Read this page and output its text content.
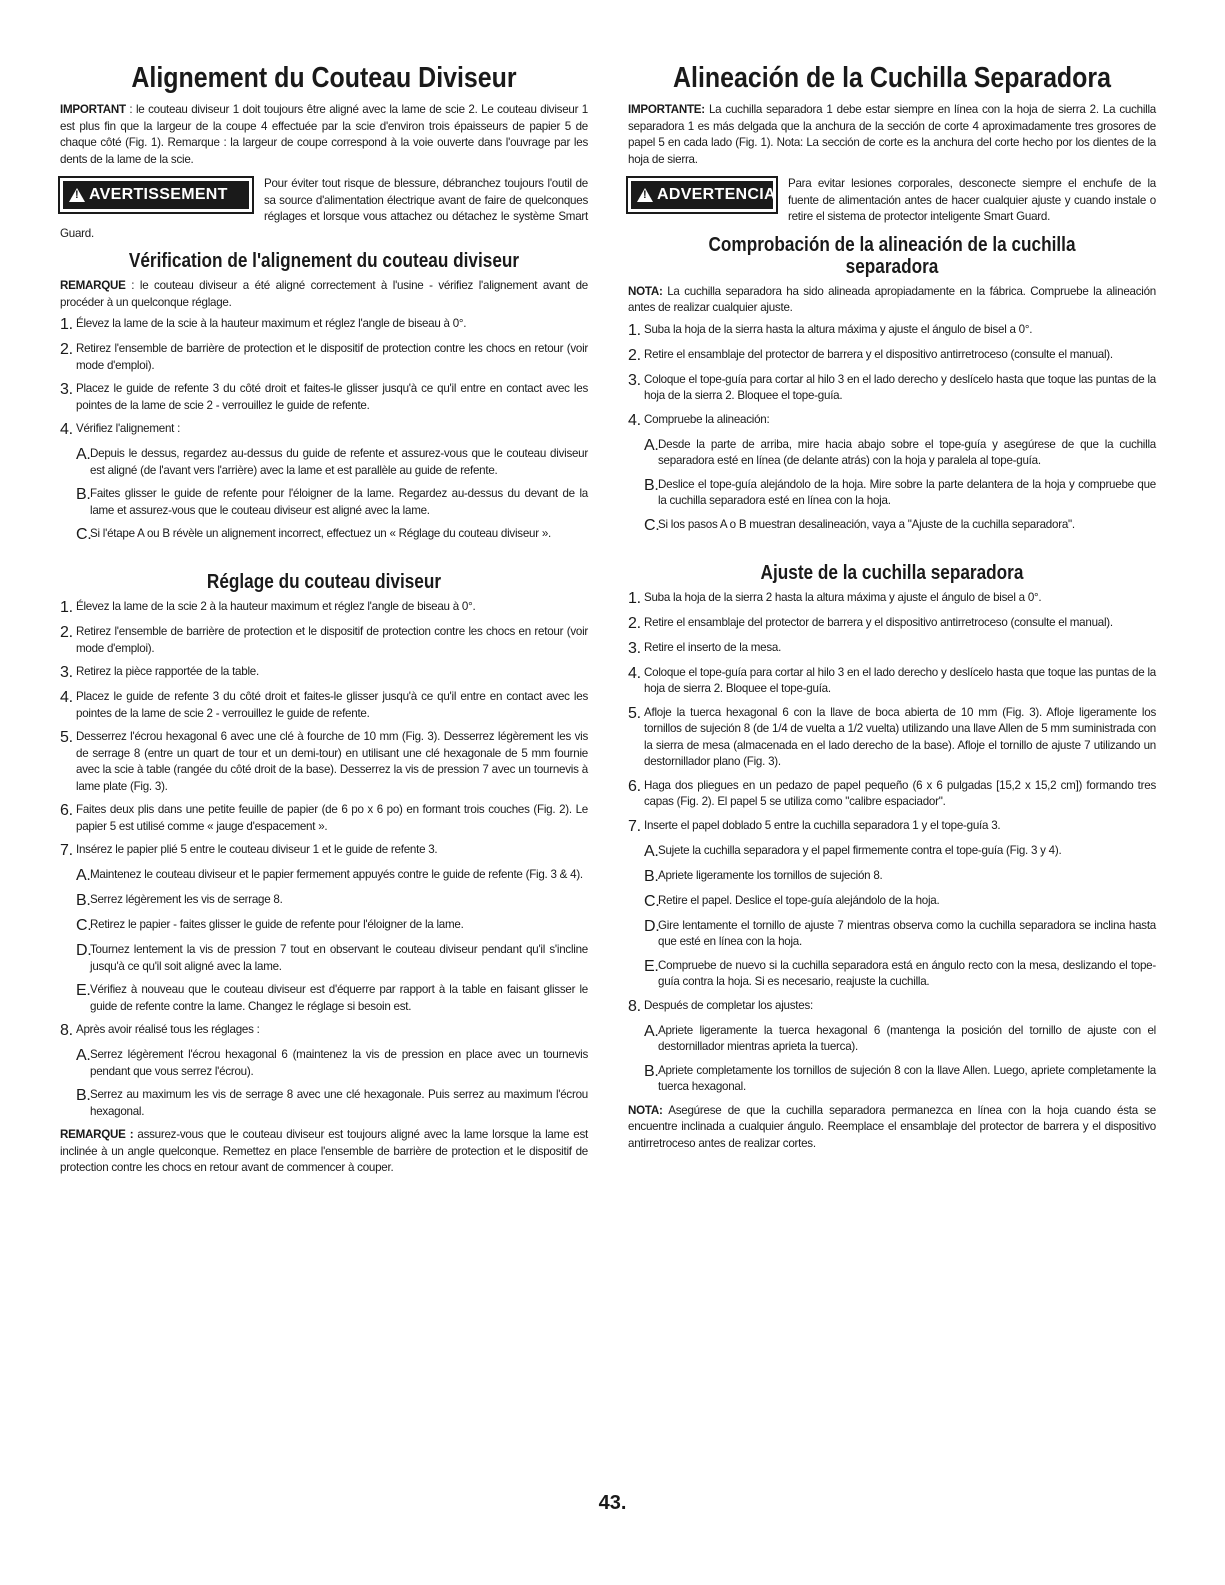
Alignement du Couteau Diviseur

IMPORTANT : le couteau diviseur 1 doit toujours être aligné avec la lame de scie 2. Le couteau diviseur 1 est plus fin que la largeur de la coupe 4 effectuée par la scie d'environ trois épaisseurs de papier 5 de chaque côté (Fig. 1). Remarque : la largeur de coupe correspond à la voie ouverte dans l'ouvrage par les dents de la lame de la scie.

!
AVERTISSEMENT
Pour éviter tout risque de blessure, débranchez toujours l'outil de sa source d'alimentation électrique avant de faire de quelconques réglages et lorsque vous attachez ou détachez le système Smart Guard.
Vérification de l'alignement du couteau diviseur

REMARQUE : le couteau diviseur a été aligné correctement à l'usine - vérifiez l'alignement avant de procéder à un quelconque réglage.

1. Élevez la lame de la scie à la hauteur maximum et réglez l'angle de biseau à 0°.
2. Retirez l'ensemble de barrière de protection et le dispositif de protection contre les chocs en retour (voir mode d'emploi).
3. Placez le guide de refente 3 du côté droit et faites-le glisser jusqu'à ce qu'il entre en contact avec les pointes de la lame de scie 2 - verrouillez le guide de refente.
4. Vérifiez l'alignement :
A. Depuis le dessus, regardez au-dessus du guide de refente et assurez-vous que le couteau diviseur est aligné (de l'avant vers l'arrière) avec la lame et est parallèle au guide de refente.
B. Faites glisser le guide de refente pour l'éloigner de la lame. Regardez au-dessus du devant de la lame et assurez-vous que le couteau diviseur est aligné avec la lame.
C.
Si l'étape A ou B révèle un alignement incorrect, effectuez un « Réglage du couteau diviseur ».
Réglage du couteau diviseur
1. Élevez la lame de la scie 2 à la hauteur maximum et réglez l'angle de biseau à 0°.
2. Retirez l'ensemble de barrière de protection et le dispositif de protection contre les chocs en retour (voir mode d'emploi).
3. Retirez la pièce rapportée de la table.
4. Placez le guide de refente 3 du côté droit et faites-le glisser jusqu'à ce qu'il entre en contact avec les pointes de la lame de scie 2 - verrouillez le guide de refente.
5. Desserrez l'écrou hexagonal 6 avec une clé à fourche de 10 mm (Fig. 3). Desserrez légèrement les vis de serrage 8 (entre un quart de tour et un demi-tour) en utilisant une clé hexagonale de 5 mm fournie avec la scie à table (rangée du côté droit de la base). Desserrez la vis de pression 7 avec un tournevis à lame plate (Fig. 3).
6. Faites deux plis dans une petite feuille de papier (de 6 po x 6 po) en formant trois couches (Fig. 2). Le papier 5 est utilisé comme « jauge d'espacement ».
7. Insérez le papier plié 5 entre le couteau diviseur 1 et le guide de refente 3.
A. Maintenez le couteau diviseur et le papier fermement appuyés contre le guide de refente (Fig. 3 & 4).
B. Serrez légèrement les vis de serrage 8.
C.
Retirez le papier - faites glisser le guide de refente pour l'éloigner de la lame.
D.
Tournez lentement la vis de pression 7 tout en observant le couteau diviseur pendant qu'il s'incline jusqu'à ce qu'il soit aligné avec la lame.
E. Vérifiez à nouveau que le couteau diviseur est d'équerre par rapport à la table en faisant glisser le guide de refente contre la lame. Changez le réglage si besoin est.
8. Après avoir réalisé tous les réglages :
A. Serrez légèrement l'écrou hexagonal 6 (maintenez la vis de pression en place avec un tournevis pendant que vous serrez l'écrou).
B. Serrez au maximum les vis de serrage 8 avec une clé hexagonale. Puis serrez au maximum l'écrou hexagonal.

REMARQUE : assurez-vous que le couteau diviseur est toujours aligné avec la lame lorsque la lame est inclinée à un angle quelconque. Remettez en place l'ensemble de barrière de protection et le dispositif de protection contre les chocs en retour avant de commencer à couper.

Alineación de la Cuchilla Separadora

IMPORTANTE: La cuchilla separadora 1 debe estar siempre en línea con la hoja de sierra 2. La cuchilla separadora 1 es más delgada que la anchura de la sección de corte 4 aproximadamente tres grosores de papel 5 en cada lado (Fig. 1). Nota: La sección de corte es la anchura del corte hecho por los dientes de la hoja de sierra.

!
ADVERTENCIA
Para evitar lesiones corporales, desconecte siempre el enchufe de la fuente de alimentación antes de hacer cualquier ajuste y cuando instale o retire el sistema de protector inteligente Smart Guard.
Comprobación de la alineación de la cuchilla separadora

NOTA: La cuchilla separadora ha sido alineada apropiadamente en la fábrica. Compruebe la alineación antes de realizar cualquier ajuste.

1. Suba la hoja de la sierra hasta la altura máxima y ajuste el ángulo de bisel a 0°.
2. Retire el ensamblaje del protector de barrera y el dispositivo antirretroceso (consulte el manual).
3. Coloque el tope-guía para cortar al hilo 3 en el lado derecho y deslícelo hasta que toque las puntas de la hoja de la sierra 2. Bloquee el tope-guía.
4. Compruebe la alineación:
A. Desde la parte de arriba, mire hacia abajo sobre el tope-guía y asegúrese de que la cuchilla separadora esté en línea (de delante atrás) con la hoja y paralela al tope-guía.
B. Deslice el tope-guía alejándolo de la hoja. Mire sobre la parte delantera de la hoja y compruebe que la cuchilla separadora esté en línea con la hoja.
C.
Si los pasos A o B muestran desalineación, vaya a "Ajuste de la cuchilla separadora".
Ajuste de la cuchilla separadora
1. Suba la hoja de la sierra 2 hasta la altura máxima y ajuste el ángulo de bisel a 0°.
2. Retire el ensamblaje del protector de barrera y el dispositivo antirretroceso (consulte el manual).
3. Retire el inserto de la mesa.
4. Coloque el tope-guía para cortar al hilo 3 en el lado derecho y deslícelo hasta que toque las puntas de la hoja de sierra 2. Bloquee el tope-guía.
5. Afloje la tuerca hexagonal 6 con la llave de boca abierta de 10 mm (Fig. 3). Afloje ligeramente los tornillos de sujeción 8 (de 1/4 de vuelta a 1/2 vuelta) utilizando una llave Allen de 5 mm suministrada con la sierra de mesa (almacenada en el lado derecho de la base). Afloje el tornillo de ajuste 7 utilizando un destornillador plano (Fig. 3).
6. Haga dos pliegues en un pedazo de papel pequeño (6 x 6 pulgadas [15,2 x 15,2 cm]) formando tres capas (Fig. 2). El papel 5 se utiliza como "calibre espaciador".
7. Inserte el papel doblado 5 entre la cuchilla separadora 1 y el tope-guía 3.
A. Sujete la cuchilla separadora y el papel firmemente contra el tope-guía (Fig. 3 y 4).
B. Apriete ligeramente los tornillos de sujeción 8.
C.
Retire el papel. Deslice el tope-guía alejándolo de la hoja.
D.
Gire lentamente el tornillo de ajuste 7 mientras observa como la cuchilla separadora se inclina hasta que esté en línea con la hoja.
E. Compruebe de nuevo si la cuchilla separadora está en ángulo recto con la mesa, deslizando el tope-guía contra la hoja. Si es necesario, reajuste la cuchilla.
8. Después de completar los ajustes:
A. Apriete ligeramente la tuerca hexagonal 6 (mantenga la posición del tornillo de ajuste con el destornillador mientras aprieta la tuerca).
B. Apriete completamente los tornillos de sujeción 8 con la llave Allen. Luego, apriete completamente la tuerca hexagonal.

NOTA: Asegúrese de que la cuchilla separadora permanezca en línea con la hoja cuando ésta se encuentre inclinada a cualquier ángulo. Reemplace el ensamblaje del protector de barrera y el dispositivo antirretroceso antes de realizar cortes.

43.
